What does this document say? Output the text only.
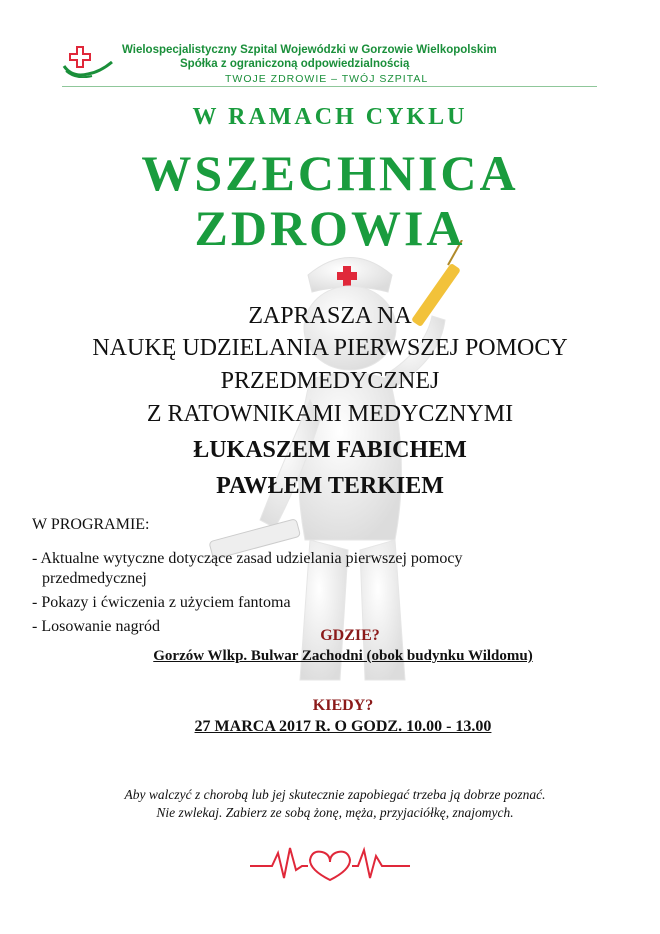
Wielospecjalistyczny Szpital Wojewódzki w Gorzowie Wielkopolskim
Spółka z ograniczoną odpowiedzialnością
TWOJE ZDROWIE – TWÓJ SZPITAL
W RAMACH CYKLU
WSZECHNICA
ZDROWIA
ZAPRASZA NA
NAUKĘ UDZIELANIA PIERWSZEJ POMOCY
PRZEDMEDYCZNEJ
Z RATOWNIKAMI MEDYCZNYMI
ŁUKASZEM FABICHEM
PAWŁEM TERKIEM
W PROGRAMIE:
- Aktualne wytyczne dotyczące zasad udzielania pierwszej pomocy
przedmedycznej
- Pokazy i ćwiczenia z użyciem fantoma
- Losowanie nagród
GDZIE?
Gorzów Wlkp. Bulwar Zachodni (obok budynku Wildomu)
KIEDY?
27 MARCA 2017 R. O GODZ. 10.00 - 13.00
Aby walczyć z chorobą lub jej skutecznie zapobiegać trzeba ją dobrze poznać.
Nie zwlekaj. Zabierz ze sobą żonę, męża, przyjaciółkę, znajomych.
